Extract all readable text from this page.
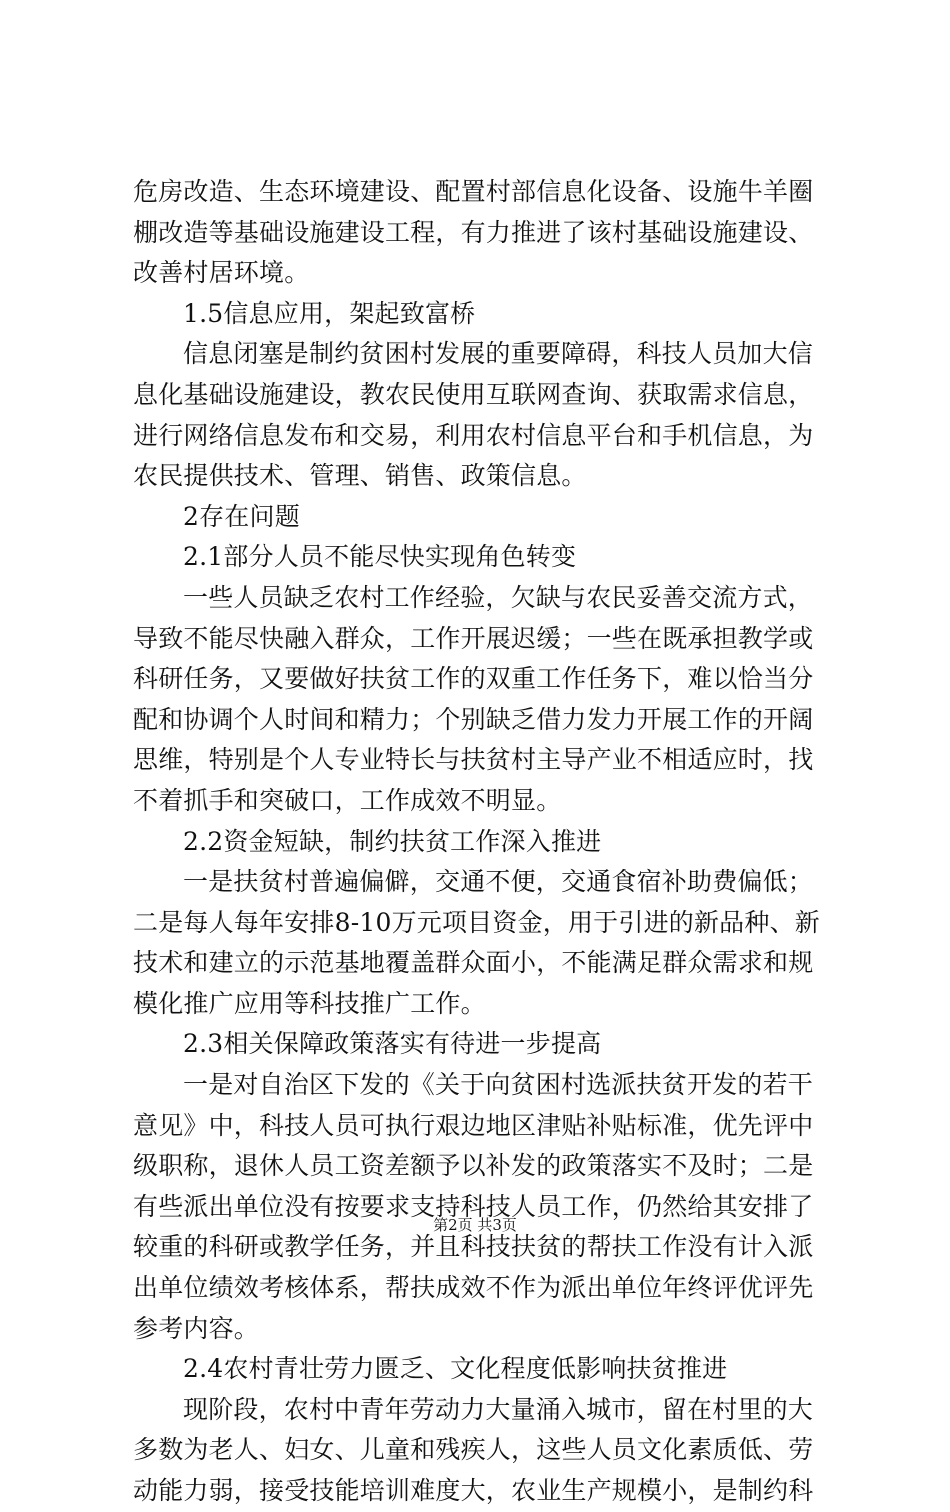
危房改造、生态环境建设、配置村部信息化设备、设施牛羊圈
棚改造等基础设施建设工程，有力推进了该村基础设施建设、
改善村居环境。
1.5信息应用，架起致富桥
信息闭塞是制约贫困村发展的重要障碍，科技人员加大信
息化基础设施建设，教农民使用互联网查询、获取需求信息，
进行网络信息发布和交易，利用农村信息平台和手机信息，为
农民提供技术、管理、销售、政策信息。
2存在问题
2.1部分人员不能尽快实现角色转变
一些人员缺乏农村工作经验，欠缺与农民妥善交流方式，
导致不能尽快融入群众，工作开展迟缓；一些在既承担教学或
科研任务，又要做好扶贫工作的双重工作任务下，难以恰当分
配和协调个人时间和精力；个别缺乏借力发力开展工作的开阔
思维，特别是个人专业特长与扶贫村主导产业不相适应时，找
不着抓手和突破口，工作成效不明显。
2.2资金短缺，制约扶贫工作深入推进
一是扶贫村普遍偏僻，交通不便，交通食宿补助费偏低；
二是每人每年安排8-10万元项目资金，用于引进的新品种、新
技术和建立的示范基地覆盖群众面小，不能满足群众需求和规
模化推广应用等科技推广工作。
2.3相关保障政策落实有待进一步提高
一是对自治区下发的《关于向贫困村选派扶贫开发的若干
意见》中，科技人员可执行艰边地区津贴补贴标准，优先评中
级职称，退休人员工资差额予以补发的政策落实不及时；二是
有些派出单位没有按要求支持科技人员工作，仍然给其安排了
较重的科研或教学任务，并且科技扶贫的帮扶工作没有计入派
出单位绩效考核体系，帮扶成效不作为派出单位年终评优评先
参考内容。
2.4农村青壮劳力匮乏、文化程度低影响扶贫推进
现阶段，农村中青年劳动力大量涌入城市，留在村里的大
多数为老人、妇女、儿童和残疾人，这些人员文化素质低、劳
动能力弱，接受技能培训难度大，农业生产规模小，是制约科
第2页 共3页
